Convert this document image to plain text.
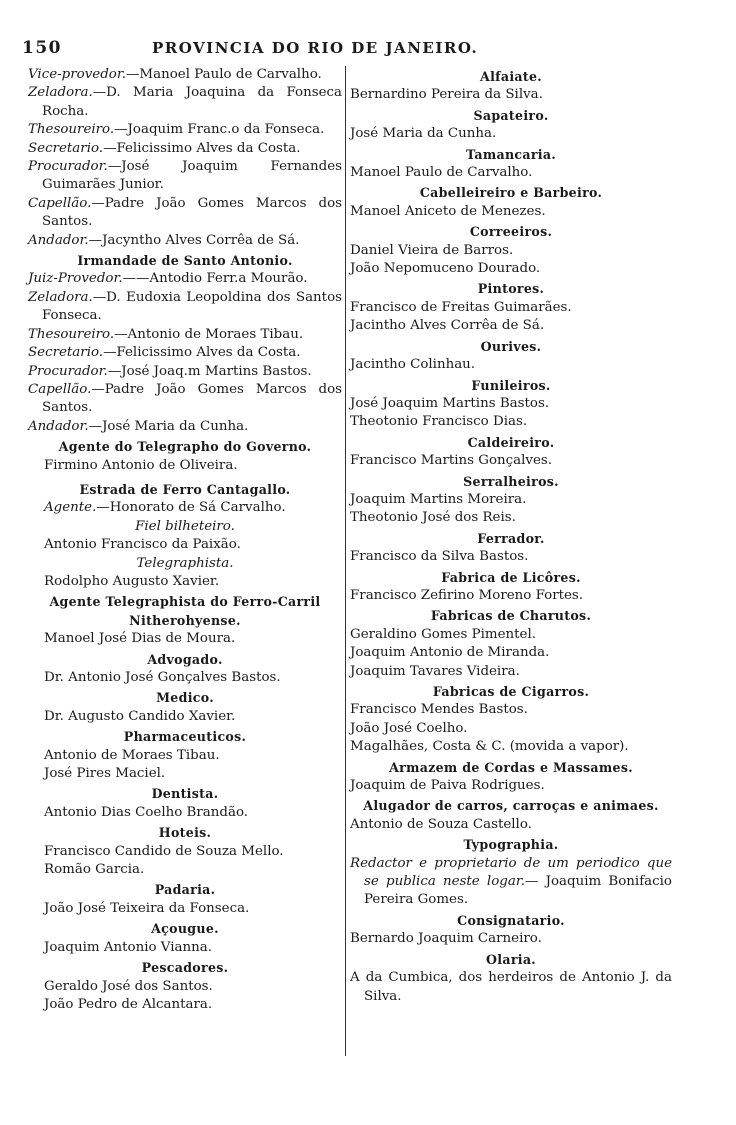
150	PROVINCIA DO RIO DE JANEIRO.

Vice-provedor.—Manoel Paulo de Carvalho.

Zeladora.—D. Maria Joaquina da Fonseca Rocha.

Thesoureiro.—Joaquim Franc.o da Fonseca.

Secretario.—Felicissimo Alves da Costa.

Procurador.—José Joaquim Fernandes Guimarães Junior.

Capellão.—Padre João Gomes Marcos dos Santos.

Andador.—Jacyntho Alves Corrêa de Sá.

Irmandade de Santo Antonio.

Juiz-Provedor.——Antodio Ferr.a Mourão.

Zeladora.—D. Eudoxia Leopoldina dos Santos Fonseca.

Thesoureiro.—Antonio de Moraes Tibau.

Secretario.—Felicissimo Alves da Costa.

Procurador.—José Joaq.m Martins Bastos.

Capellão.—Padre João Gomes Marcos dos Santos.

Andador.—José Maria da Cunha.

Agente do Telegrapho do Governo.

Firmino Antonio de Oliveira.

Estrada de Ferro Cantagallo.

Agente.—Honorato de Sá Carvalho.

Fiel bilheteiro.

Antonio Francisco da Paixão.

Telegraphista.

Rodolpho Augusto Xavier.

Agente Telegraphista do Ferro-Carril Nitherohyense.

Manoel José Dias de Moura.

Advogado.

Dr. Antonio José Gonçalves Bastos.

Medico.

Dr. Augusto Candido Xavier.

Pharmaceuticos.

Antonio de Moraes Tibau.

José Pires Maciel.

Dentista.

Antonio Dias Coelho Brandão.

Hoteis.

Francisco Candido de Souza Mello.

Romão Garcia.

Padaria.

João José Teixeira da Fonseca.

Açougue.

Joaquim Antonio Vianna.

Pescadores.

Geraldo José dos Santos.

João Pedro de Alcantara.

Alfaiate.

Bernardino Pereira da Silva.

Sapateiro.

José Maria da Cunha.

Tamancaria.

Manoel Paulo de Carvalho.

Cabelleireiro e Barbeiro.

Manoel Aniceto de Menezes.

Correeiros.

Daniel Vieira de Barros.

João Nepomuceno Dourado.

Pintores.

Francisco de Freitas Guimarães.

Jacintho Alves Corrêa de Sá.

Ourives.

Jacintho Colinhau.

Funileiros.

José Joaquim Martins Bastos.

Theotonio Francisco Dias.

Caldeireiro.

Francisco Martins Gonçalves.

Serralheiros.

Joaquim Martins Moreira.

Theotonio José dos Reis.

Ferrador.

Francisco da Silva Bastos.

Fabrica de Licôres.

Francisco Zefirino Moreno Fortes.

Fabricas de Charutos.

Geraldino Gomes Pimentel.

Joaquim Antonio de Miranda.

Joaquim Tavares Videira.

Fabricas de Cigarros.

Francisco Mendes Bastos.

João José Coelho.

Magalhães, Costa & C. (movida a vapor).

Armazem de Cordas e Massames.

Joaquim de Paiva Rodrigues.

Alugador de carros, carroças e animaes.

Antonio de Souza Castello.

Typographia.

Redactor e proprietario de um periodico que se publica neste logar.— Joaquim Bonifacio Pereira Gomes.

Consignatario.

Bernardo Joaquim Carneiro.

Olaria.

A da Cumbica, dos herdeiros de Antonio J. da Silva.
